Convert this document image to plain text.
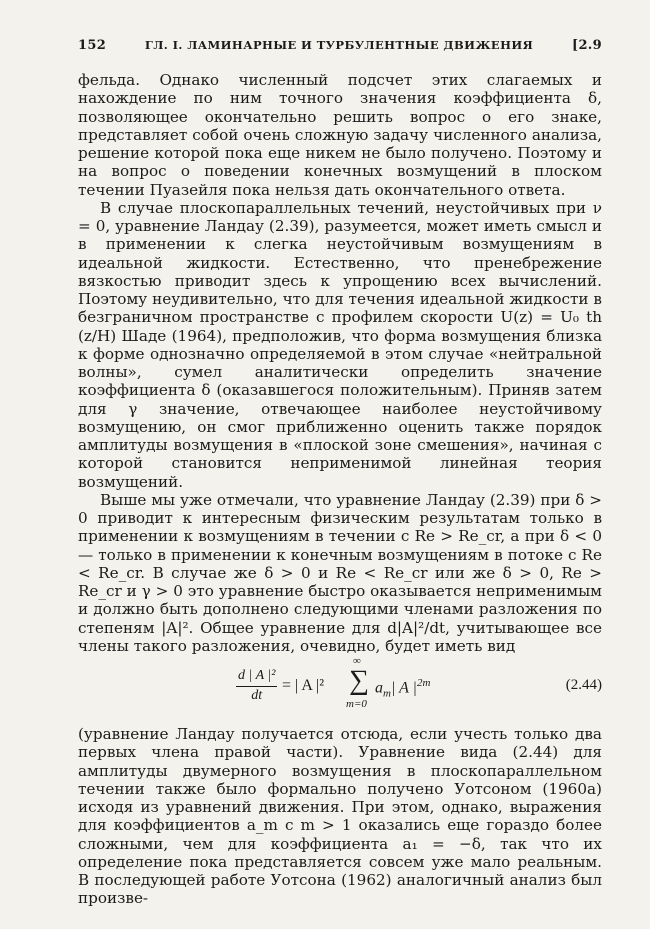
152	ГЛ. I. ЛАМИНАРНЫЕ И ТУРБУЛЕНТНЫЕ ДВИЖЕНИЯ	[2.9

фельда. Однако численный подсчет этих слагаемых и нахождение по ним точного значения коэффициента δ, позволяющее окончательно решить вопрос о его знаке, представляет собой очень сложную задачу численного анализа, решение которой пока еще никем не было получено. Поэтому и на вопрос о поведении конечных возмущений в плоском течении Пуазейля пока нельзя дать окончательного ответа.

В случае плоскопараллельных течений, неустойчивых при ν = 0, уравнение Ландау (2.39), разумеется, может иметь смысл и в применении к слегка неустойчивым возмущениям в идеальной жидкости. Естественно, что пренебрежение вязкостью приводит здесь к упрощению всех вычислений. Поэтому неудивительно, что для течения идеальной жидкости в безграничном пространстве с профилем скорости U(z) = U₀ th (z/H) Шаде (1964), предположив, что форма возмущения близка к форме однозначно определяемой в этом случае «нейтральной волны», сумел аналитически определить значение коэффициента δ (оказавшегося положительным). Приняв затем для γ значение, отвечающее наиболее неустойчивому возмущению, он смог приближенно оценить также порядок амплитуды возмущения в «плоской зоне смешения», начиная с которой становится неприменимой линейная теория возмущений.

Выше мы уже отмечали, что уравнение Ландау (2.39) при δ > 0 приводит к интересным физическим результатам только в применении к возмущениям в течении с Re > Re_cr, а при δ < 0 — только в применении к конечным возмущениям в потоке с Re < Re_cr. В случае же δ > 0 и Re < Re_cr или же δ > 0, Re > Re_cr и γ > 0 это уравнение быстро оказывается неприменимым и должно быть дополнено следующими членами разложения по степеням |A|². Общее уравнение для d|A|²/dt, учитывающее все члены такого разложения, очевидно, будет иметь вид

$\frac{\text{d | A |²}}{dt}$ = | A |²
∞
∑
m=0
$a_m|$ A $|^{2m}$	(2.44)

(уравнение Ландау получается отсюда, если учесть только два первых члена правой части). Уравнение вида (2.44) для амплитуды двумерного возмущения в плоскопараллельном течении также было формально получено Уотсоном (1960а) исходя из уравнений движения. При этом, однако, выражения для коэффициентов a_m с m > 1 оказались еще гораздо более сложными, чем для коэффициента a₁ = −δ, так что их определение пока представляется совсем уже мало реальным. В последующей работе Уотсона (1962) аналогичный анализ был произве-
